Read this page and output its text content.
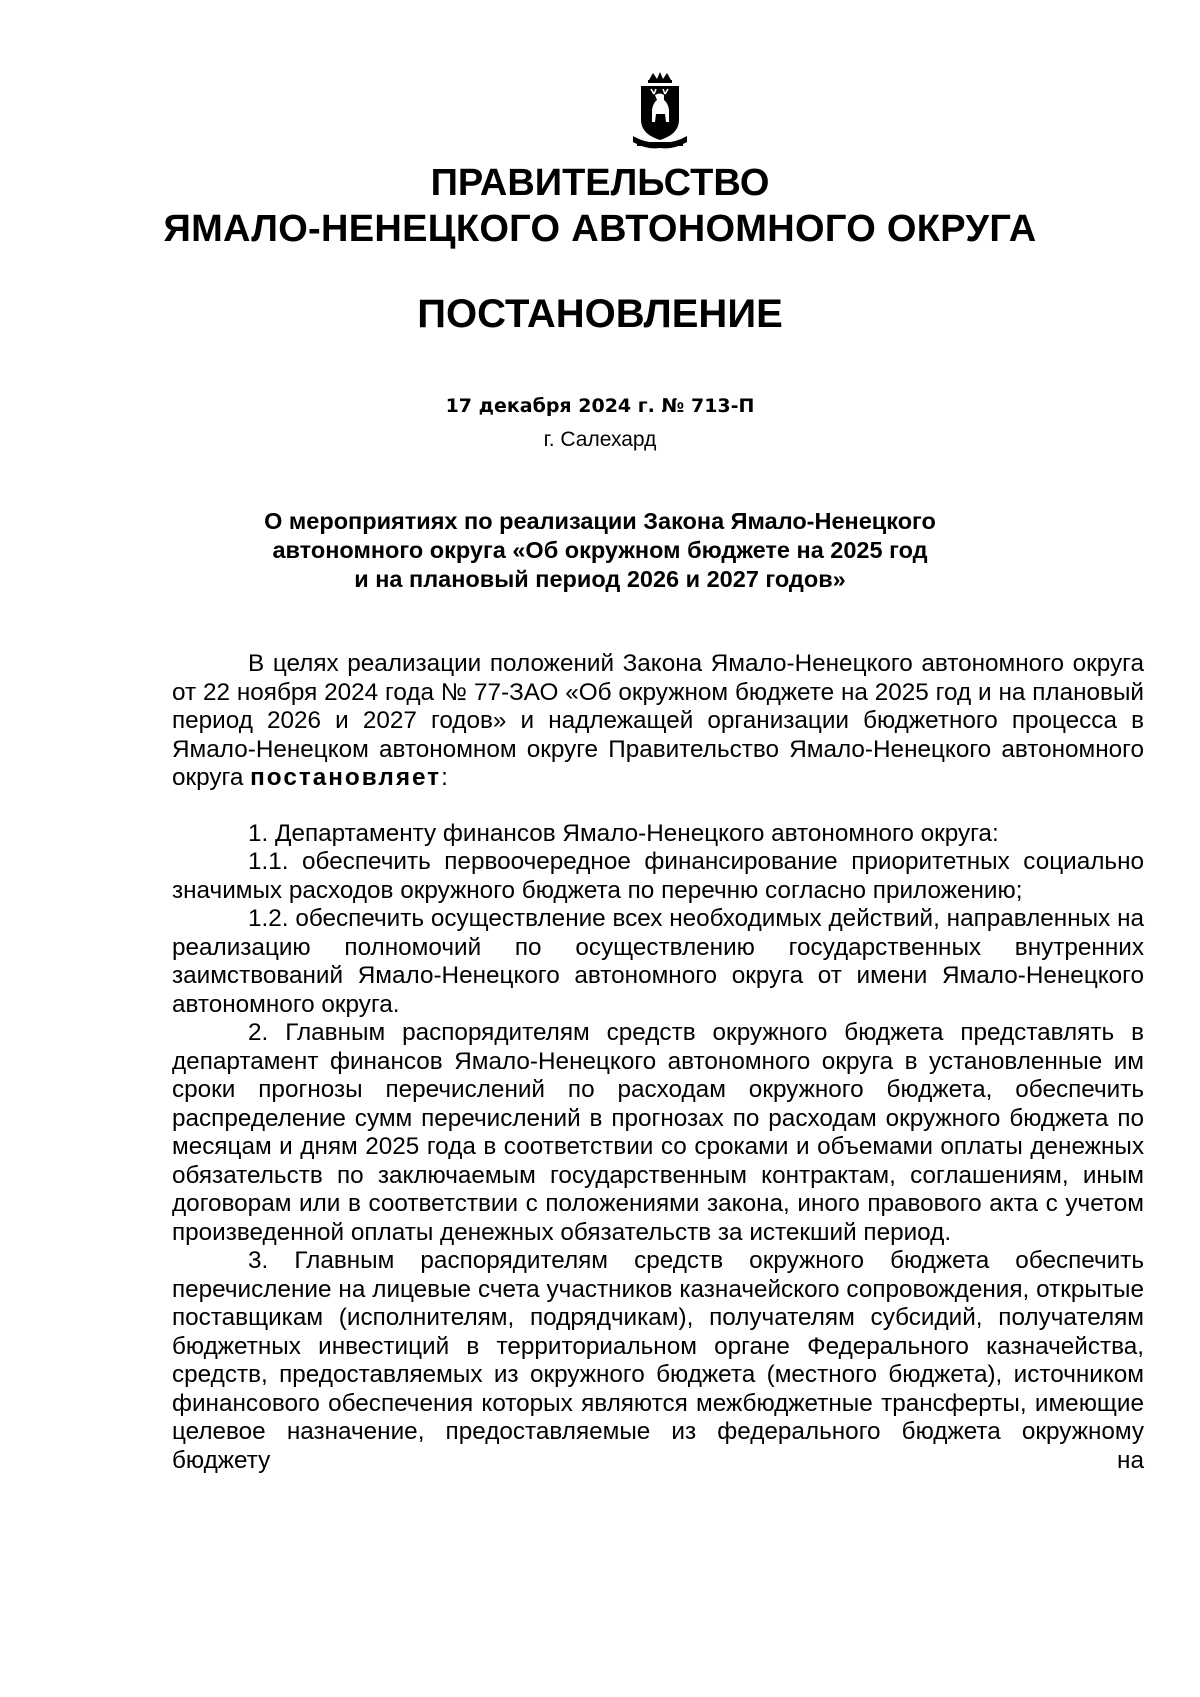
ПРАВИТЕЛЬСТВО
ЯМАЛО-НЕНЕЦКОГО АВТОНОМНОГО ОКРУГА
ПОСТАНОВЛЕНИЕ
17 декабря 2024 г. № 713-П
г. Салехард
О мероприятиях по реализации Закона Ямало-Ненецкого
автономного округа «Об окружном бюджете на 2025 год
и на плановый период 2026 и 2027 годов»

В целях реализации положений Закона Ямало-Ненецкого автономного округа от 22 ноября 2024 года № 77-ЗАО «Об окружном бюджете на 2025 год и на плановый период 2026 и 2027 годов» и надлежащей организации бюджетного процесса в Ямало-Ненецком автономном округе Правительство Ямало-Ненецкого автономного округа постановляет:

1. Департаменту финансов Ямало-Ненецкого автономного округа:

1.1. обеспечить первоочередное финансирование приоритетных социально значимых расходов окружного бюджета по перечню согласно приложению;

1.2. обеспечить осуществление всех необходимых действий, направленных на реализацию полномочий по осуществлению государственных внутренних заимствований Ямало-Ненецкого автономного округа от имени Ямало-Ненецкого автономного округа.

2. Главным распорядителям средств окружного бюджета представлять в департамент финансов Ямало-Ненецкого автономного округа в установленные им сроки прогнозы перечислений по расходам окружного бюджета, обеспечить распределение сумм перечислений в прогнозах по расходам окружного бюджета по месяцам и дням 2025 года в соответствии со сроками и объемами оплаты денежных обязательств по заключаемым государственным контрактам, соглашениям, иным договорам или в соответствии с положениями закона, иного правового акта с учетом произведенной оплаты денежных обязательств за истекший период.

3. Главным распорядителям средств окружного бюджета обеспечить перечисление на лицевые счета участников казначейского сопровождения, открытые поставщикам (исполнителям, подрядчикам), получателям субсидий, получателям бюджетных инвестиций в территориальном органе Федерального казначейства, средств, предоставляемых из окружного бюджета (местного бюджета), источником финансового обеспечения которых являются межбюджетные трансферты, имеющие целевое назначение, предоставляемые из федерального бюджета окружному бюджету на
